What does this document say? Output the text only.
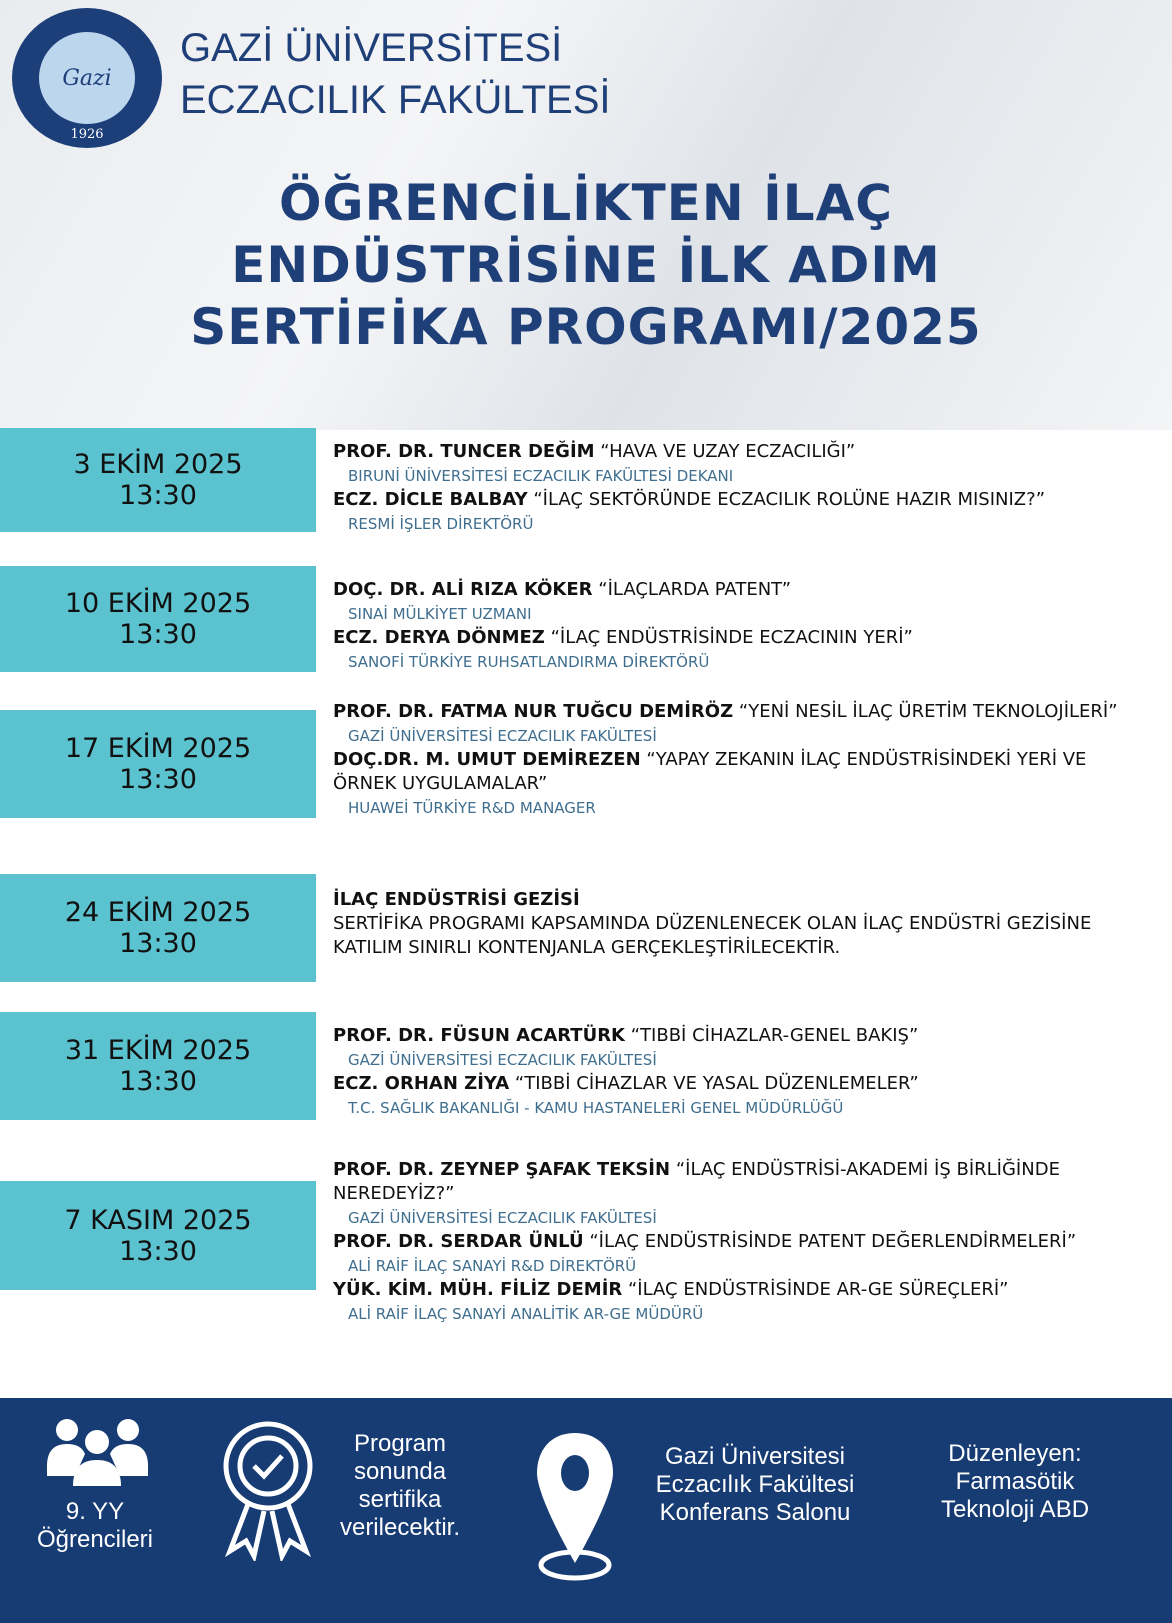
Gazi
1926
GAZİ ÜNİVERSİTESİ
ECZACILIK FAKÜLTESİ
ÖĞRENCİLİKTEN İLAÇ
ENDÜSTRİSİNE İLK ADIM
SERTİFİKA PROGRAMI/2025
3 EKİM 2025
13:30
PROF. DR. TUNCER DEĞİM “HAVA VE UZAY ECZACILIĞI”
BIRUNİ ÜNİVERSİTESİ ECZACILIK FAKÜLTESİ DEKANI
ECZ. DİCLE BALBAY “İLAÇ SEKTÖRÜNDE ECZACILIK ROLÜNE HAZIR MISINIZ?”
RESMİ İŞLER DİREKTÖRÜ
10 EKİM 2025
13:30
DOÇ. DR. ALİ RIZA KÖKER “İLAÇLARDA PATENT”
SINAİ MÜLKİYET UZMANI
ECZ. DERYA DÖNMEZ “İLAÇ ENDÜSTRİSİNDE ECZACININ YERİ”
SANOFİ TÜRKİYE RUHSATLANDIRMA DİREKTÖRÜ
17 EKİM 2025
13:30
PROF. DR. FATMA NUR TUĞCU DEMİRÖZ “YENİ NESİL İLAÇ ÜRETİM TEKNOLOJİLERİ”
GAZİ ÜNİVERSİTESİ ECZACILIK FAKÜLTESİ
DOÇ.DR. M. UMUT DEMİREZEN “YAPAY ZEKANIN İLAÇ ENDÜSTRİSİNDEKİ YERİ VE ÖRNEK UYGULAMALAR”
HUAWEİ TÜRKİYE R&D MANAGER
24 EKİM 2025
13:30
İLAÇ ENDÜSTRİSİ GEZİSİ
SERTİFİKA PROGRAMI KAPSAMINDA DÜZENLENECEK OLAN İLAÇ ENDÜSTRİ GEZİSİNE KATILIM SINIRLI KONTENJANLA GERÇEKLEŞTİRİLECEKTİR.
31 EKİM 2025
13:30
PROF. DR. FÜSUN ACARTÜRK “TIBBİ CİHAZLAR-GENEL BAKIŞ”
GAZİ ÜNİVERSİTESİ ECZACILIK FAKÜLTESİ
ECZ. ORHAN ZİYA “TIBBİ CİHAZLAR VE YASAL DÜZENLEMELER”
T.C. SAĞLIK BAKANLIĞI - KAMU HASTANELERİ GENEL MÜDÜRLÜĞÜ
7 KASIM 2025
13:30
PROF. DR. ZEYNEP ŞAFAK TEKSİN “İLAÇ ENDÜSTRİSİ-AKADEMİ İŞ BİRLİĞİNDE NEREDEYİZ?”
GAZİ ÜNİVERSİTESİ ECZACILIK FAKÜLTESİ
PROF. DR. SERDAR ÜNLÜ “İLAÇ ENDÜSTRİSİNDE PATENT DEĞERLENDİRMELERİ”
ALİ RAİF İLAÇ SANAYİ R&D DİREKTÖRÜ
YÜK. KİM. MÜH. FİLİZ DEMİR “İLAÇ ENDÜSTRİSİNDE AR-GE SÜREÇLERİ”
ALİ RAİF İLAÇ SANAYİ ANALİTİK AR-GE MÜDÜRÜ
9. YY
Öğrencileri
Program
sonunda
sertifika
verilecektir.
Gazi Üniversitesi
Eczacılık Fakültesi
Konferans Salonu
Düzenleyen:
Farmasötik
Teknoloji ABD
